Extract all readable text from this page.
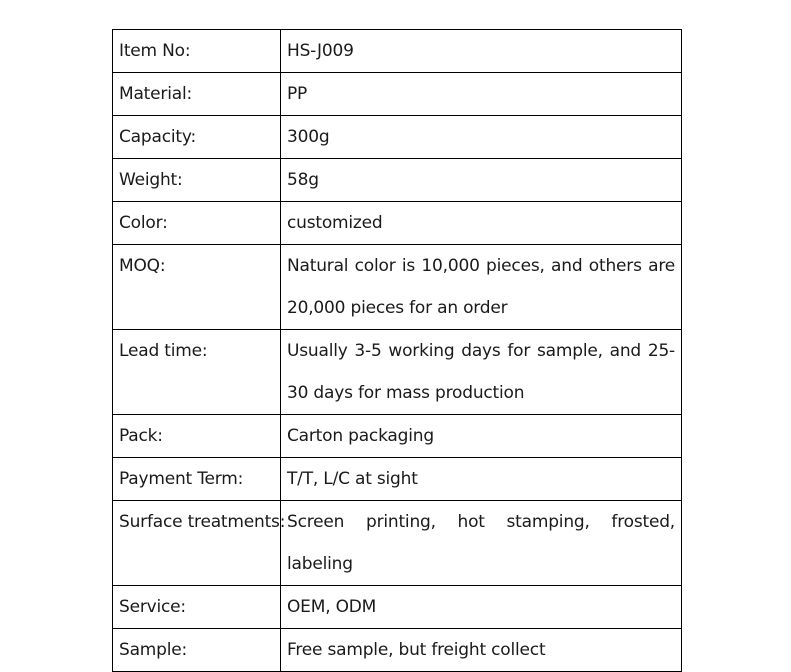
Item No:	HS-J009
Material:	PP
Capacity:	300g
Weight:	58g
Color:	customized
MOQ:	Natural color is 10,000 pieces, and others are 20,000 pieces for an order
Lead time:	Usually 3-5 working days for sample, and 25-30 days for mass production
Pack:	Carton packaging
Payment Term:	T/T, L/C at sight
Surface treatments:	Screen printing, hot stamping, frosted, labeling
Service:	OEM, ODM
Sample:	Free sample, but freight collect
